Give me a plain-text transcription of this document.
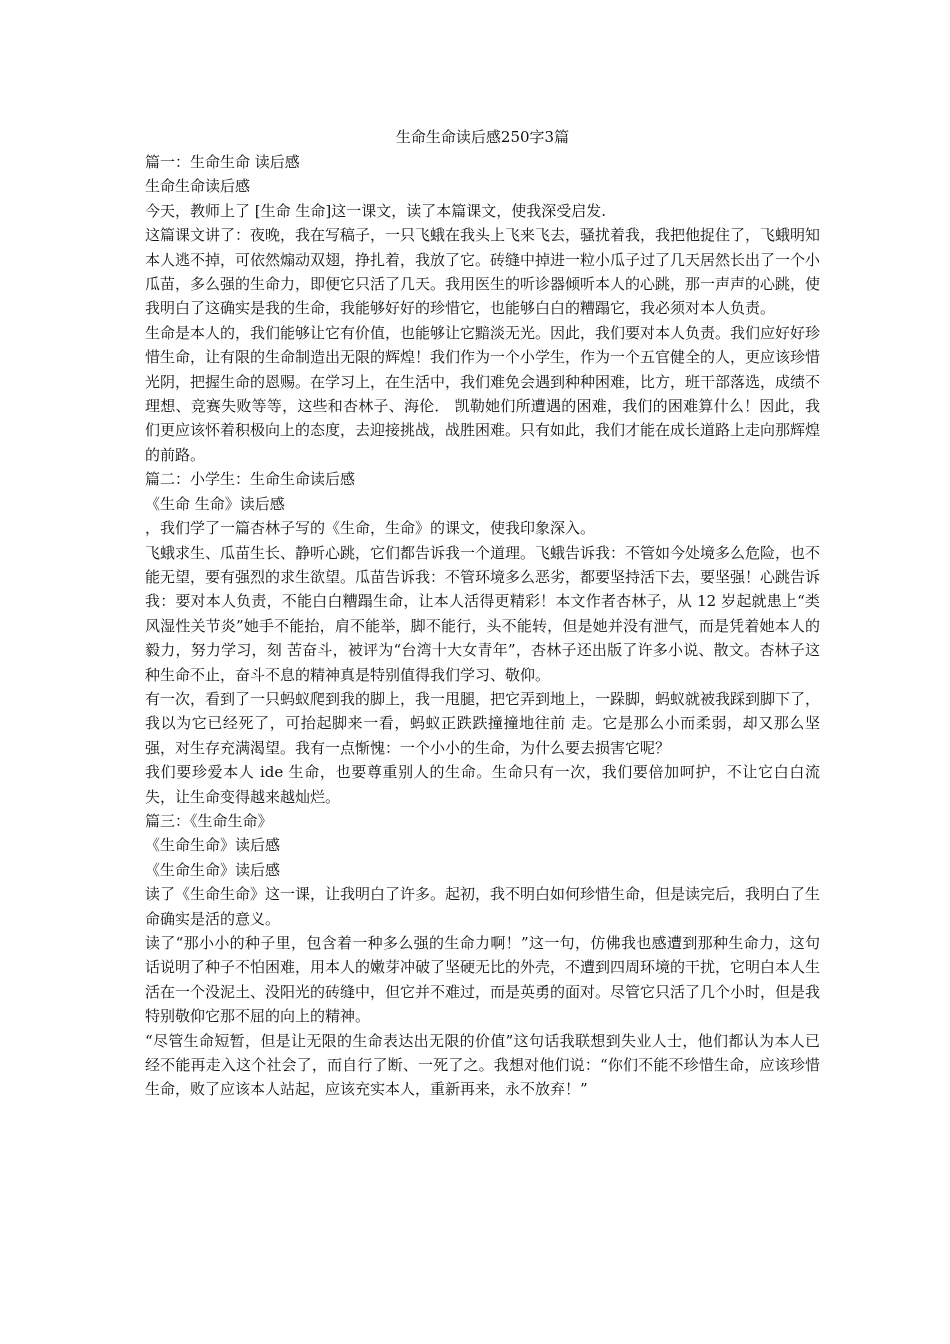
生命生命读后感250字3篇

篇一：生命生命 读后感

生命生命读后感

今天，教师上了 [生命 生命]这一课文，读了本篇课文，使我深受启发.

这篇课文讲了：夜晚，我在写稿子，一只飞蛾在我头上飞来飞去，骚扰着我，我把他捉住了，飞蛾明知本人逃不掉，可依然煽动双翅，挣扎着，我放了它。砖缝中掉进一粒小瓜子过了几天居然长出了一个小瓜苗，多么强的生命力，即便它只活了几天。我用医生的听诊器倾听本人的心跳，那一声声的心跳，使我明白了这确实是我的生命，我能够好好的珍惜它，也能够白白的糟蹋它，我必须对本人负责。

生命是本人的，我们能够让它有价值，也能够让它黯淡无光。因此，我们要对本人负责。我们应好好珍惜生命，让有限的生命制造出无限的辉煌！我们作为一个小学生，作为一个五官健全的人，更应该珍惜光阴，把握生命的恩赐。在学习上，在生活中，我们难免会遇到种种困难，比方，班干部落选，成绩不理想、竞赛失败等等，这些和杏林子、海伦． 凯勒她们所遭遇的困难，我们的困难算什么！因此，我们更应该怀着积极向上的态度，去迎接挑战，战胜困难。只有如此，我们才能在成长道路上走向那辉煌的前路。

篇二：小学生：生命生命读后感

《生命 生命》读后感

，我们学了一篇杏林子写的《生命，生命》的课文，使我印象深入。

飞蛾求生、瓜苗生长、静听心跳，它们都告诉我一个道理。飞蛾告诉我：不管如今处境多么危险，也不能无望，要有强烈的求生欲望。瓜苗告诉我：不管环境多么恶劣，都要坚持活下去，要坚强！心跳告诉我：要对本人负责，不能白白糟蹋生命，让本人活得更精彩！本文作者杏林子，从 12 岁起就患上“类风湿性关节炎”她手不能抬，肩不能举，脚不能行，头不能转，但是她并没有泄气，而是凭着她本人的毅力，努力学习，刻 苦奋斗，被评为“台湾十大女青年”，杏林子还出版了许多小说、散文。杏林子这种生命不止，奋斗不息的精神真是特别值得我们学习、敬仰。

有一次，看到了一只蚂蚁爬到我的脚上，我一甩腿，把它弄到地上，一跺脚，蚂蚁就被我踩到脚下了，我以为它已经死了，可抬起脚来一看，蚂蚁正跌跌撞撞地往前 走。它是那么小而柔弱，却又那么坚强，对生存充满渴望。我有一点惭愧：一个小小的生命，为什么要去损害它呢？

我们要珍爱本人 ide 生命，也要尊重别人的生命。生命只有一次，我们要倍加呵护，不让它白白流失，让生命变得越来越灿烂。

篇三：《生命生命》

《生命生命》读后感

《生命生命》读后感

读了《生命生命》这一课，让我明白了许多。起初，我不明白如何珍惜生命，但是读完后，我明白了生命确实是活的意义。

读了“那小小的种子里，包含着一种多么强的生命力啊！”这一句，仿佛我也感遭到那种生命力，这句话说明了种子不怕困难，用本人的嫩芽冲破了坚硬无比的外壳，不遭到四周环境的干扰，它明白本人生活在一个没泥土、没阳光的砖缝中，但它并不难过，而是英勇的面对。尽管它只活了几个小时，但是我特别敬仰它那不屈的向上的精神。

“尽管生命短暂，但是让无限的生命表达出无限的价值”这句话我联想到失业人士，他们都认为本人已经不能再走入这个社会了，而自行了断、一死了之。我想对他们说：“你们不能不珍惜生命，应该珍惜生命，败了应该本人站起，应该充实本人，重新再来，永不放弃！”
